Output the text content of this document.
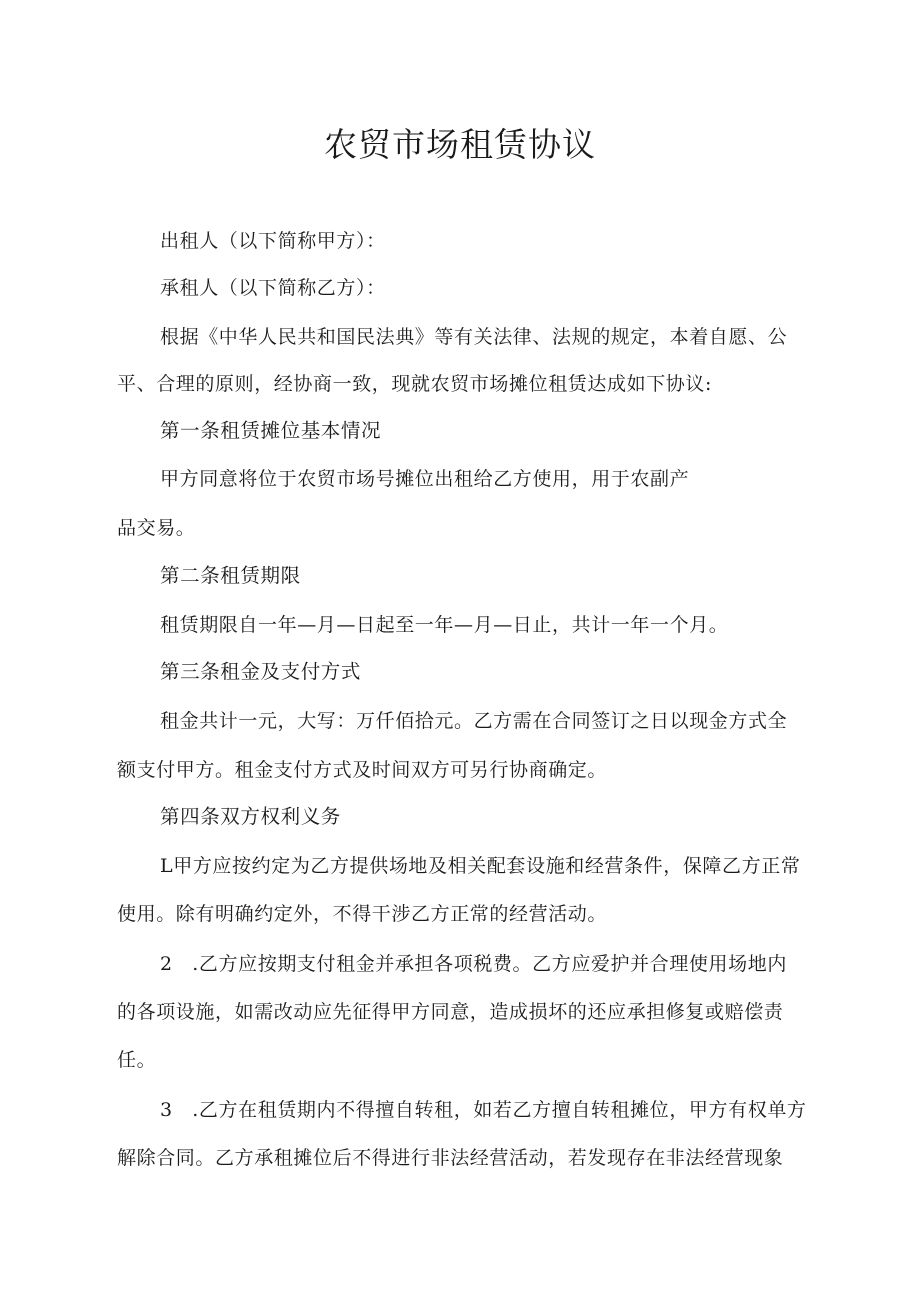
农贸市场租赁协议
出租人（以下简称甲方）：
承租人（以下简称乙方）：
根据《中华人民共和国民法典》等有关法律、法规的规定，本着自愿、公
平、合理的原则，经协商一致，现就农贸市场摊位租赁达成如下协议:
第一条租赁摊位基本情况
甲方同意将位于农贸市场号摊位出租给乙方使用，用于农副产
品交易。
第二条租赁期限
租赁期限自一年—月—日起至一年—月—日止，共计一年一个月。
第三条租金及支付方式
租金共计一元，大写：万仟佰拾元。乙方需在合同签订之日以现金方式全
额支付甲方。租金支付方式及时间双方可另行协商确定。
第四条双方权利义务
L甲方应按约定为乙方提供场地及相关配套设施和经营条件，保障乙方正常
使用。除有明确约定外，不得干涉乙方正常的经营活动。
2　.乙方应按期支付租金并承担各项税费。乙方应爱护并合理使用场地内
的各项设施，如需改动应先征得甲方同意，造成损坏的还应承担修复或赔偿责
任。
3　.乙方在租赁期内不得擅自转租，如若乙方擅自转租摊位，甲方有权单方
解除合同。乙方承租摊位后不得进行非法经营活动，若发现存在非法经营现象
